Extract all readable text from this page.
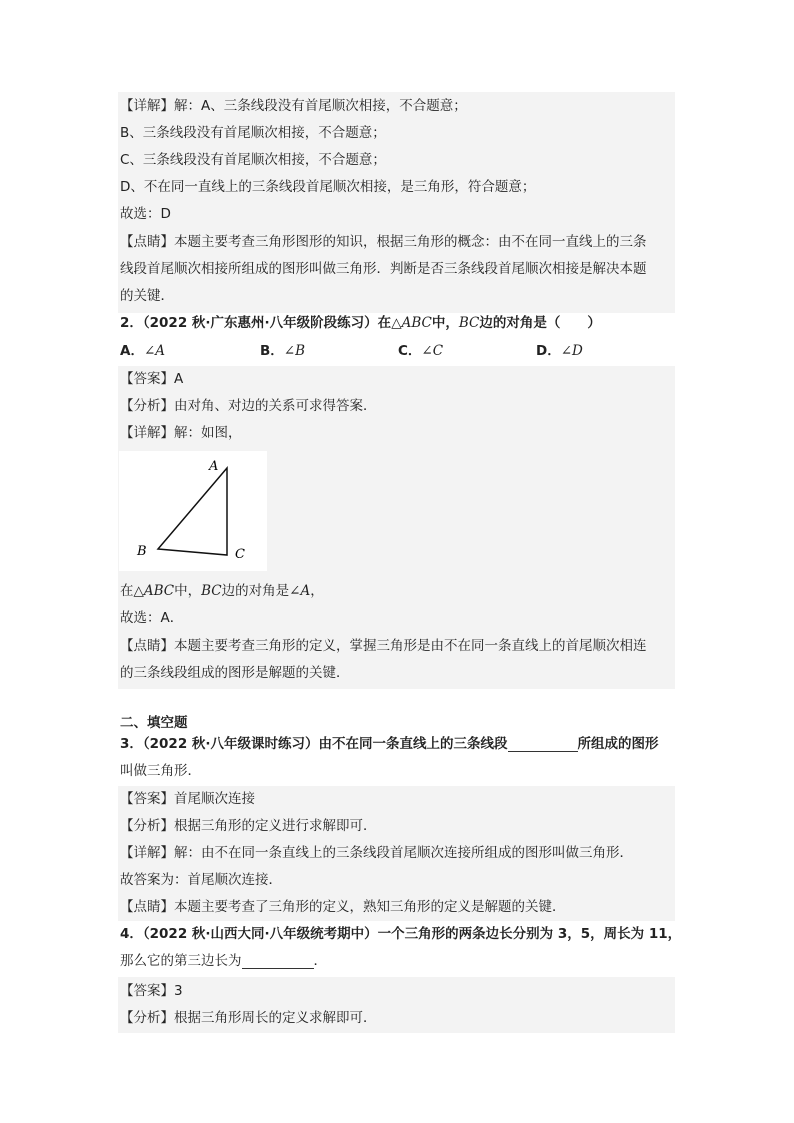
【详解】解：A、三条线段没有首尾顺次相接，不合题意；
B、三条线段没有首尾顺次相接，不合题意；
C、三条线段没有首尾顺次相接，不合题意；
D、不在同一直线上的三条线段首尾顺次相接，是三角形，符合题意；
故选：D
【点睛】本题主要考查三角形图形的知识，根据三角形的概念：由不在同一直线上的三条
线段首尾顺次相接所组成的图形叫做三角形．判断是否三条线段首尾顺次相接是解决本题
的关键．
2．（2022 秋·广东惠州·八年级阶段练习）在△ABC中，BC边的对角是（　　）
A．∠A	B．∠B	C．∠C	D．∠D
【答案】A
【分析】由对角、对边的关系可求得答案．
【详解】解：如图，
A
B	C
在△ABC中，BC边的对角是∠A，
故选：A．
【点睛】本题主要考查三角形的定义，掌握三角形是由不在同一条直线上的首尾顺次相连
的三条线段组成的图形是解题的关键．
二、填空题
3．（2022 秋·八年级课时练习）由不在同一条直线上的三条线段	所组成的图形
叫做三角形．
【答案】首尾顺次连接
【分析】根据三角形的定义进行求解即可．
【详解】解：由不在同一条直线上的三条线段首尾顺次连接所组成的图形叫做三角形．
故答案为：首尾顺次连接．
【点睛】本题主要考查了三角形的定义，熟知三角形的定义是解题的关键．
4．（2022 秋·山西大同·八年级统考期中）一个三角形的两条边长分别为 3，5，周长为 11，
那么它的第三边长为	．
【答案】3
【分析】根据三角形周长的定义求解即可．
